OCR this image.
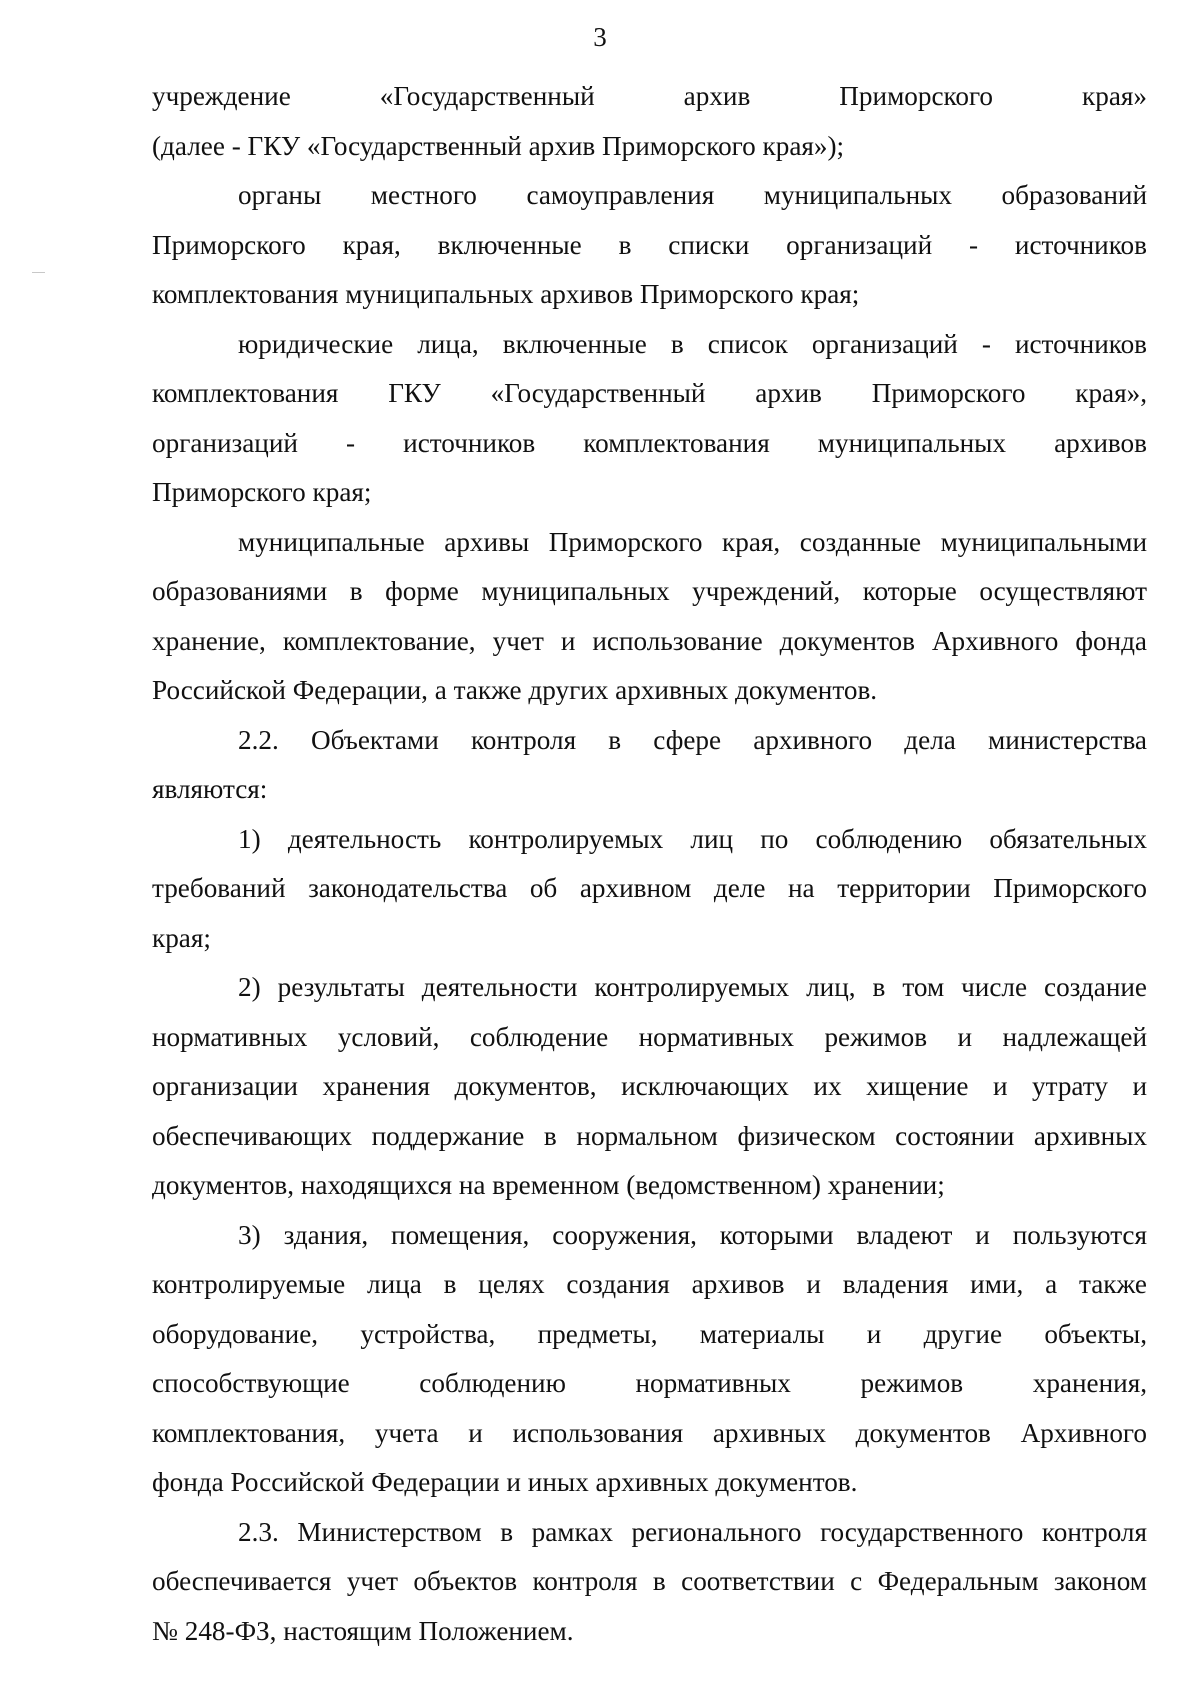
3

учреждение «Государственный архив Приморского края»
(далее - ГКУ «Государственный архив Приморского края»);

органы местного самоуправления муниципальных образований
Приморского края, включенные в списки организаций - источников
комплектования муниципальных архивов Приморского края;

юридические лица, включенные в список организаций - источников
комплектования ГКУ «Государственный архив Приморского края»,
организаций - источников комплектования муниципальных архивов
Приморского края;

муниципальные архивы Приморского края, созданные муниципальными
образованиями в форме муниципальных учреждений, которые осуществляют
хранение, комплектование, учет и использование документов Архивного фонда
Российской Федерации, а также других архивных документов.

2.2. Объектами контроля в сфере архивного дела министерства
являются:

1) деятельность контролируемых лиц по соблюдению обязательных
требований законодательства об архивном деле на территории Приморского
края;

2) результаты деятельности контролируемых лиц, в том числе создание
нормативных условий, соблюдение нормативных режимов и надлежащей
организации хранения документов, исключающих их хищение и утрату и
обеспечивающих поддержание в нормальном физическом состоянии архивных
документов, находящихся на временном (ведомственном) хранении;

3) здания, помещения, сооружения, которыми владеют и пользуются
контролируемые лица в целях создания архивов и владения ими, а также
оборудование, устройства, предметы, материалы и другие объекты,
способствующие соблюдению нормативных режимов хранения,
комплектования, учета и использования архивных документов Архивного
фонда Российской Федерации и иных архивных документов.

2.3. Министерством в рамках регионального государственного контроля
обеспечивается учет объектов контроля в соответствии с Федеральным законом
№ 248-ФЗ, настоящим Положением.
